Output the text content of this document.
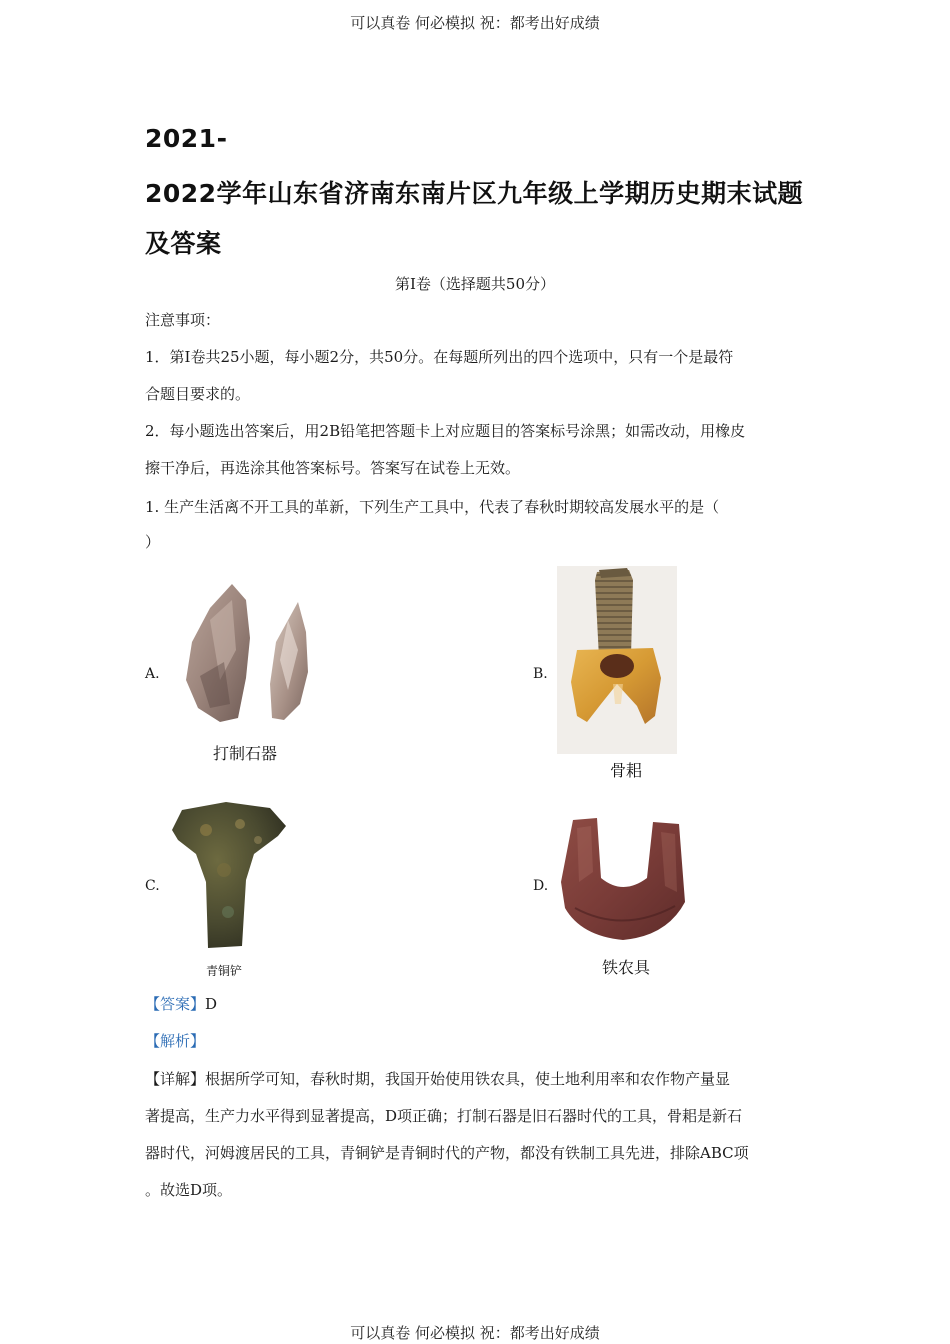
可以真卷 何必模拟 祝：都考出好成绩
2021-
2022学年山东省济南东南片区九年级上学期历史期末试题
及答案
第Ⅰ卷（选择题共50分）
注意事项：
1．第Ⅰ卷共25小题，每小题2分，共50分。在每题所列出的四个选项中，只有一个是最符
合题目要求的。
2．每小题选出答案后，用2B铅笔把答题卡上对应题目的答案标号涂黑；如需改动，用橡皮
擦干净后，再选涂其他答案标号。答案写在试卷上无效。
1. 生产生活离不开工具的革新，下列生产工具中，代表了春秋时期较高发展水平的是（
）
A.
打制石器
B.
骨耜
C.
青铜铲
D.
铁农具
【答案】D
【解析】
【详解】根据所学可知，春秋时期，我国开始使用铁农具，使土地利用率和农作物产量显
著提高，生产力水平得到显著提高，D项正确；打制石器是旧石器时代的工具，骨耜是新石
器时代，河姆渡居民的工具，青铜铲是青铜时代的产物，都没有铁制工具先进，排除ABC项
。故选D项。
可以真卷 何必模拟 祝：都考出好成绩
